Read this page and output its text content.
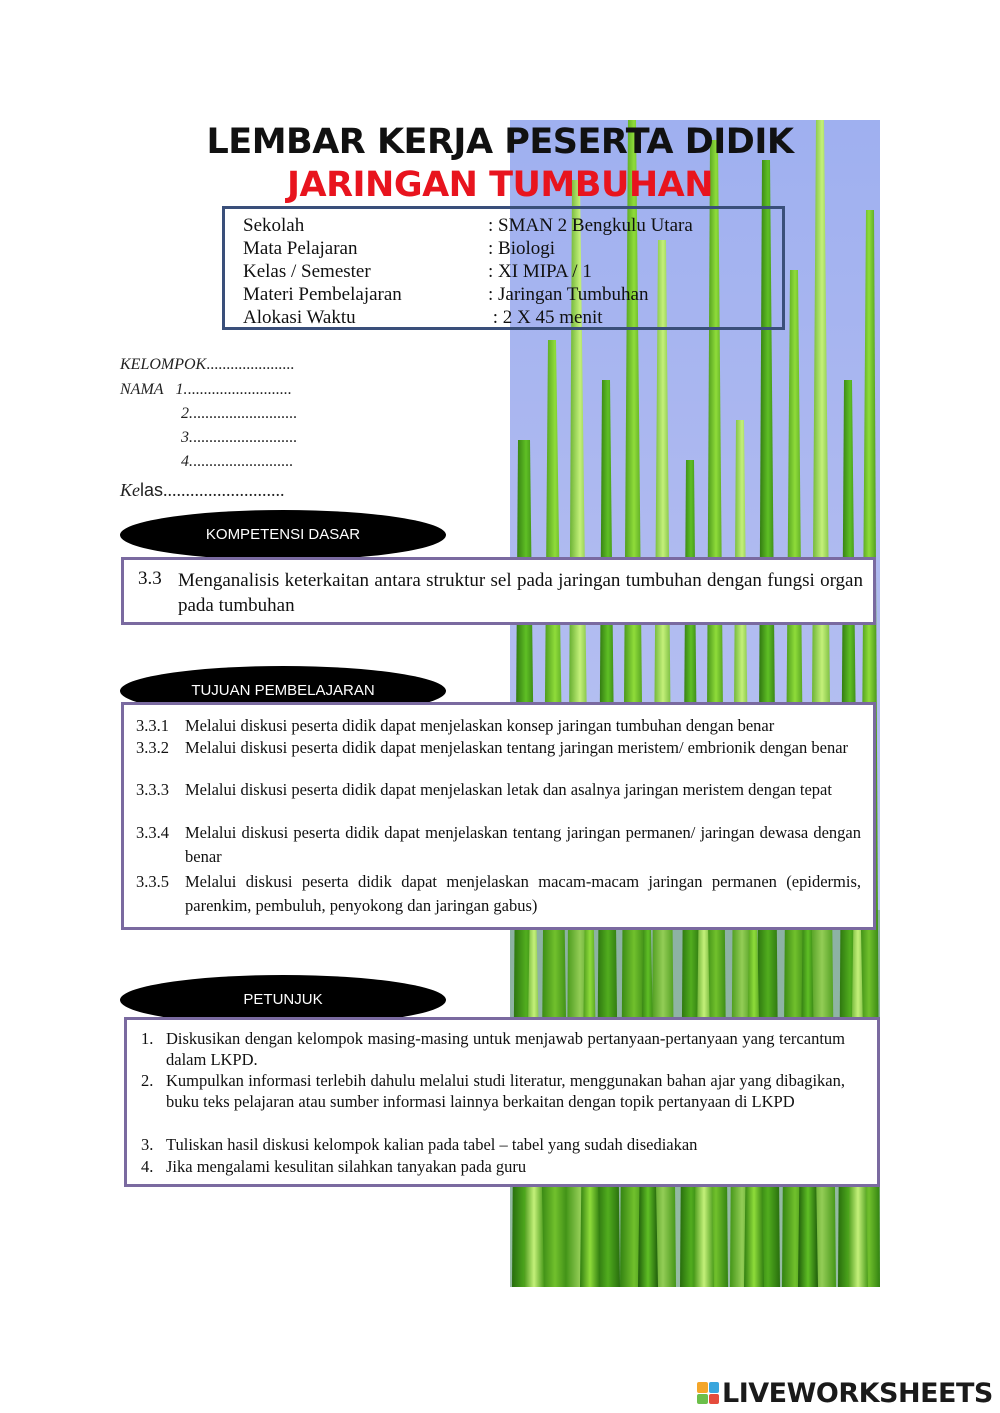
LEMBAR KERJA PESERTA DIDIK
JARINGAN TUMBUHAN
Sekolah	: SMAN 2 Bengkulu Utara
Mata Pelajaran	: Biologi
Kelas / Semester	: XI MIPA / 1
Materi Pembelajaran	: Jaringan Tumbuhan
Alokasi Waktu	: 2 X 45 menit
KELOMPOK......................
NAMA 1...........................
2...........................
3...........................
4..........................
Kelas...........................
KOMPETENSI DASAR
3.3 Menganalisis keterkaitan antara struktur sel pada jaringan tumbuhan dengan fungsi organ pada tumbuhan
TUJUAN PEMBELAJARAN
3.3.1 Melalui diskusi peserta didik dapat menjelaskan konsep jaringan tumbuhan dengan benar
3.3.2 Melalui diskusi peserta didik dapat menjelaskan tentang jaringan meristem/ embrionik dengan benar
3.3.3 Melalui diskusi peserta didik dapat menjelaskan letak dan asalnya jaringan meristem dengan tepat
3.3.4 Melalui diskusi peserta didik dapat menjelaskan tentang jaringan permanen/ jaringan dewasa dengan benar
3.3.5 Melalui diskusi peserta didik dapat menjelaskan macam-macam jaringan permanen (epidermis, parenkim, pembuluh, penyokong dan jaringan gabus)
PETUNJUK
1. Diskusikan dengan kelompok masing-masing untuk menjawab pertanyaan-pertanyaan yang tercantum dalam LKPD.
2. Kumpulkan informasi terlebih dahulu melalui studi literatur, menggunakan bahan ajar yang dibagikan, buku teks pelajaran atau sumber informasi lainnya berkaitan dengan topik pertanyaan di LKPD
3. Tuliskan hasil diskusi kelompok kalian pada tabel – tabel yang sudah disediakan
4. Jika mengalami kesulitan silahkan tanyakan pada guru
LIVEWORKSHEETS
